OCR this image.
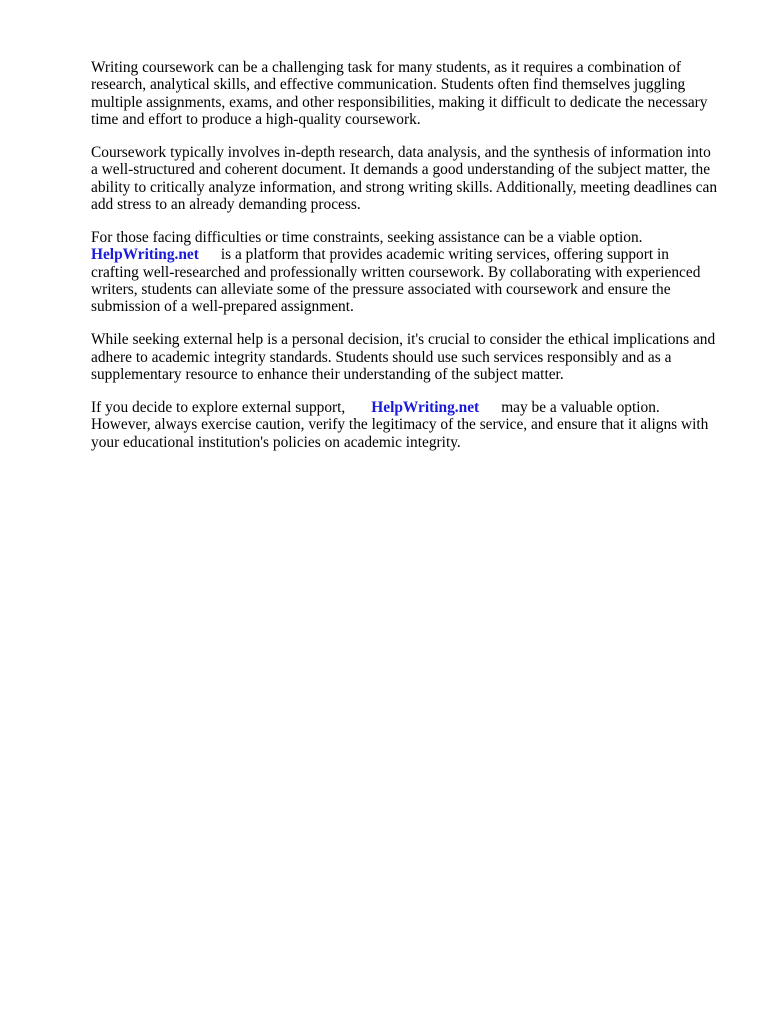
Writing coursework can be a challenging task for many students, as it requires a combination of
research, analytical skills, and effective communication. Students often find themselves juggling
multiple assignments, exams, and other responsibilities, making it difficult to dedicate the necessary
time and effort to produce a high-quality coursework.
Coursework typically involves in-depth research, data analysis, and the synthesis of information into
a well-structured and coherent document. It demands a good understanding of the subject matter, the
ability to critically analyze information, and strong writing skills. Additionally, meeting deadlines can
add stress to an already demanding process.
For those facing difficulties or time constraints, seeking assistance can be a viable option.
HelpWriting.net is a platform that provides academic writing services, offering support in
crafting well-researched and professionally written coursework. By collaborating with experienced
writers, students can alleviate some of the pressure associated with coursework and ensure the
submission of a well-prepared assignment.
While seeking external help is a personal decision, it's crucial to consider the ethical implications and
adhere to academic integrity standards. Students should use such services responsibly and as a
supplementary resource to enhance their understanding of the subject matter.
If you decide to explore external support, HelpWriting.net may be a valuable option.
However, always exercise caution, verify the legitimacy of the service, and ensure that it aligns with
your educational institution's policies on academic integrity.
